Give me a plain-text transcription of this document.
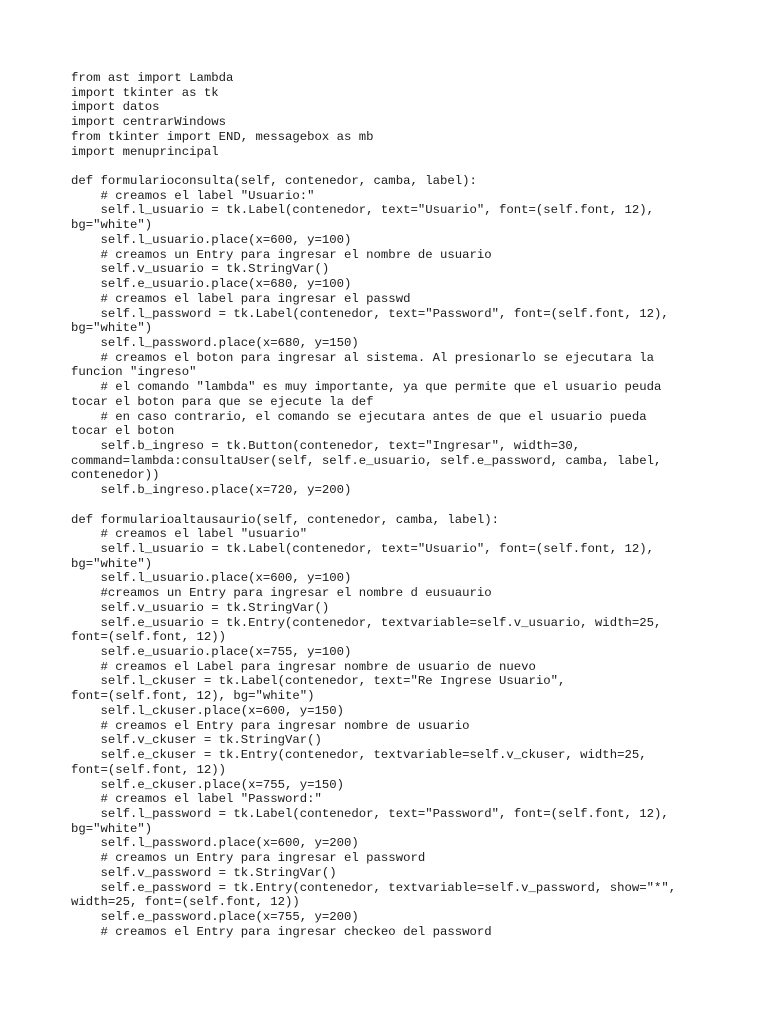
from ast import Lambda
import tkinter as tk
import datos
import centrarWindows
from tkinter import END, messagebox as mb
import menuprincipal
def formularioconsulta(self, contenedor, camba, label):
# creamos el label "Usuario:"
self.l_usuario = tk.Label(contenedor, text="Usuario", font=(self.font, 12),
bg="white")
self.l_usuario.place(x=600, y=100)
# creamos un Entry para ingresar el nombre de usuario
self.v_usuario = tk.StringVar()
self.e_usuario.place(x=680, y=100)
# creamos el label para ingresar el passwd
self.l_password = tk.Label(contenedor, text="Password", font=(self.font, 12),
bg="white")
self.l_password.place(x=680, y=150)
# creamos el boton para ingresar al sistema. Al presionarlo se ejecutara la
funcion "ingreso"
# el comando "lambda" es muy importante, ya que permite que el usuario peuda
tocar el boton para que se ejecute la def
# en caso contrario, el comando se ejecutara antes de que el usuario pueda
tocar el boton
self.b_ingreso = tk.Button(contenedor, text="Ingresar", width=30,
command=lambda:consultaUser(self, self.e_usuario, self.e_password, camba, label,
contenedor))
self.b_ingreso.place(x=720, y=200)
def formularioaltausaurio(self, contenedor, camba, label):
# creamos el label "usuario"
self.l_usuario = tk.Label(contenedor, text="Usuario", font=(self.font, 12),
bg="white")
self.l_usuario.place(x=600, y=100)
#creamos un Entry para ingresar el nombre d eusuaurio
self.v_usuario = tk.StringVar()
self.e_usuario = tk.Entry(contenedor, textvariable=self.v_usuario, width=25,
font=(self.font, 12))
self.e_usuario.place(x=755, y=100)
# creamos el Label para ingresar nombre de usuario de nuevo
self.l_ckuser = tk.Label(contenedor, text="Re Ingrese Usuario",
font=(self.font, 12), bg="white")
self.l_ckuser.place(x=600, y=150)
# creamos el Entry para ingresar nombre de usuario
self.v_ckuser = tk.StringVar()
self.e_ckuser = tk.Entry(contenedor, textvariable=self.v_ckuser, width=25,
font=(self.font, 12))
self.e_ckuser.place(x=755, y=150)
# creamos el label "Password:"
self.l_password = tk.Label(contenedor, text="Password", font=(self.font, 12),
bg="white")
self.l_password.place(x=600, y=200)
# creamos un Entry para ingresar el password
self.v_password = tk.StringVar()
self.e_password = tk.Entry(contenedor, textvariable=self.v_password, show="*",
width=25, font=(self.font, 12))
self.e_password.place(x=755, y=200)
# creamos el Entry para ingresar checkeo del password
